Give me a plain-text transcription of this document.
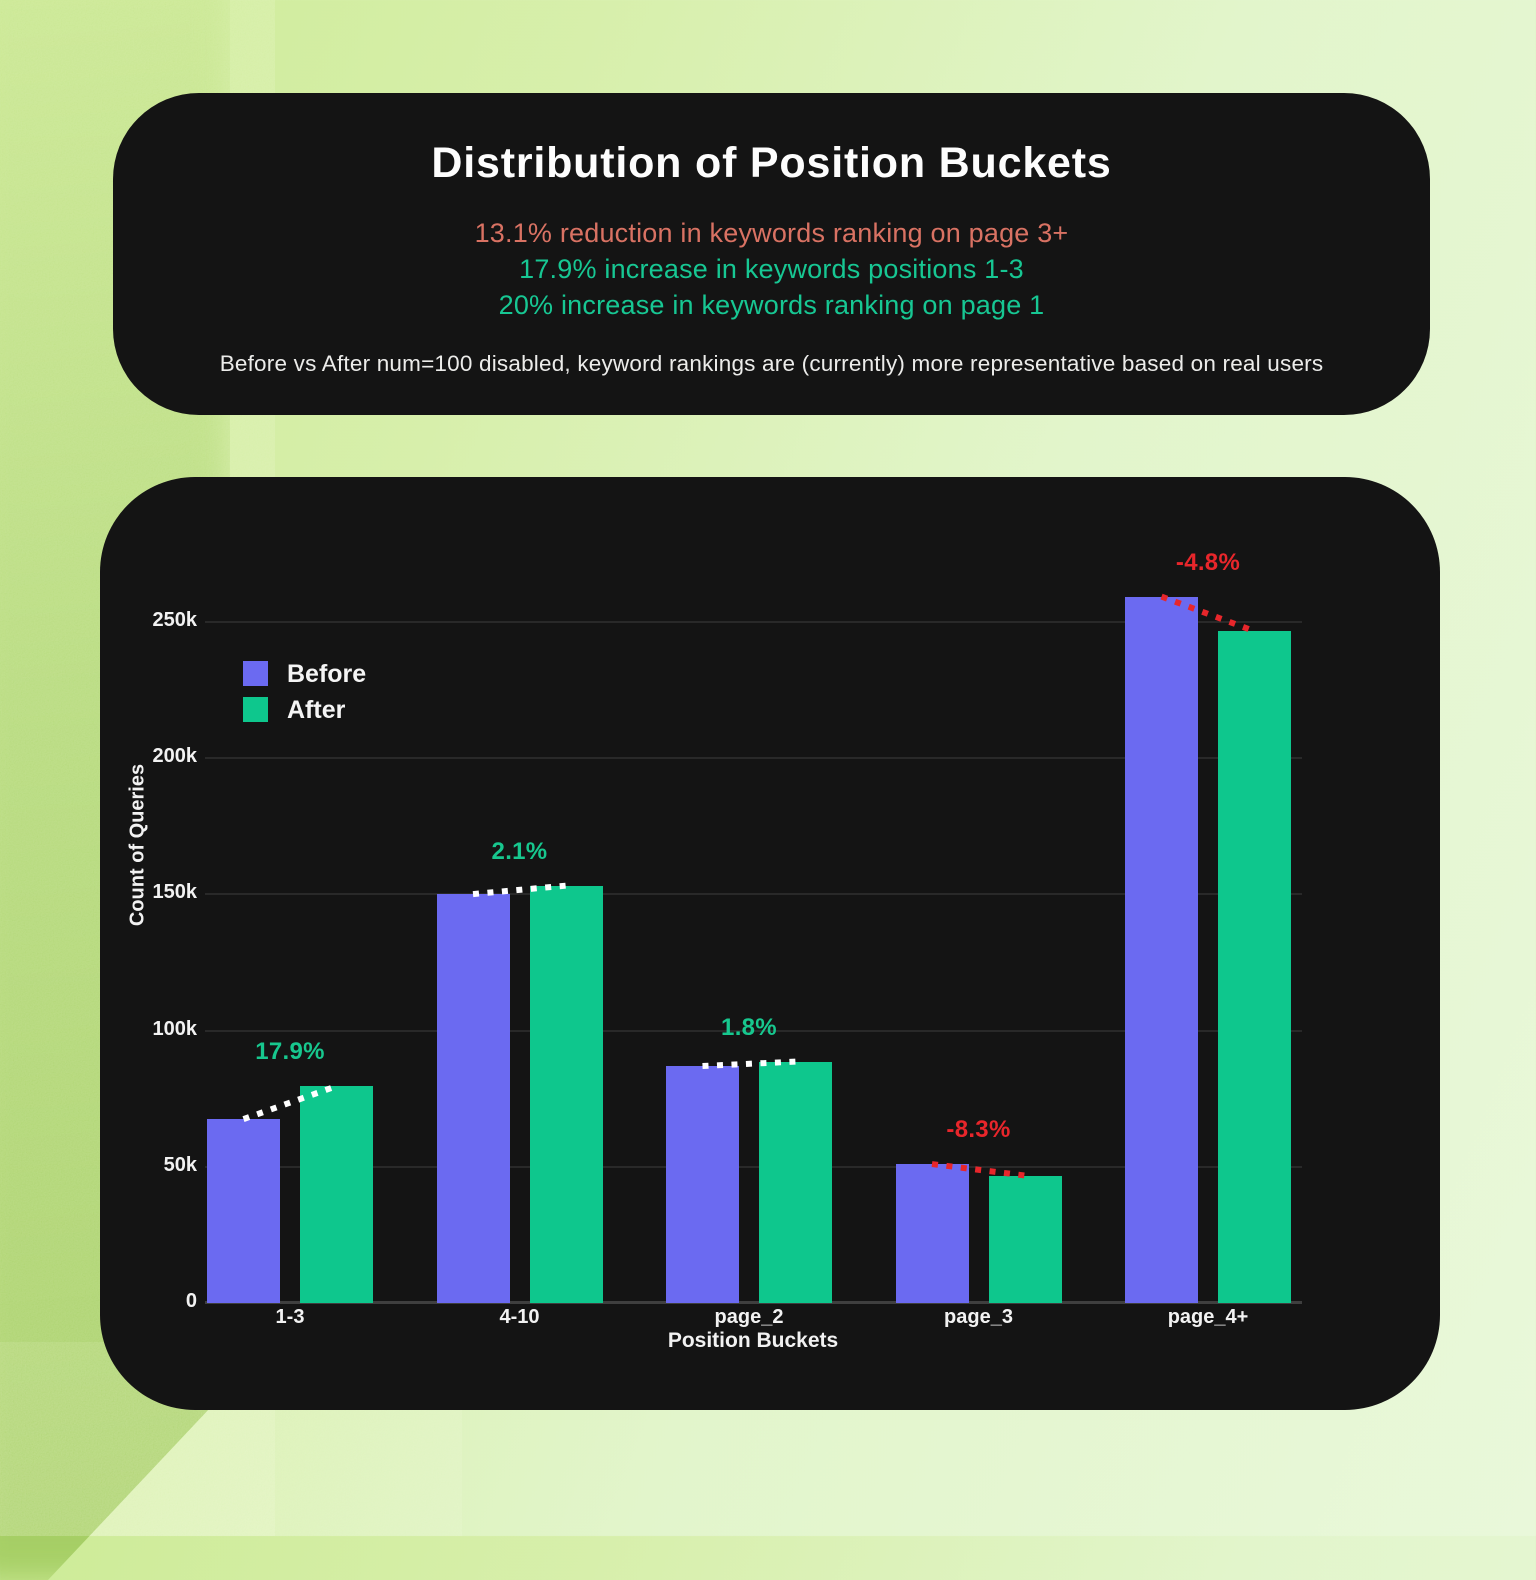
Distribution of Position Buckets
13.1% reduction in keywords ranking on page 3+
17.9% increase in keywords positions 1-3
20% increase in keywords ranking on page 1
Before vs After num=100 disabled, keyword rankings are (currently) more representative based on real users
Count of Queries
Position Buckets
0
50k
100k
150k
200k
250k
1-3	4-10	page_2	page_3	page_4+
17.9%
2.1%
1.8%
-8.3%
-4.8%
Before
After
